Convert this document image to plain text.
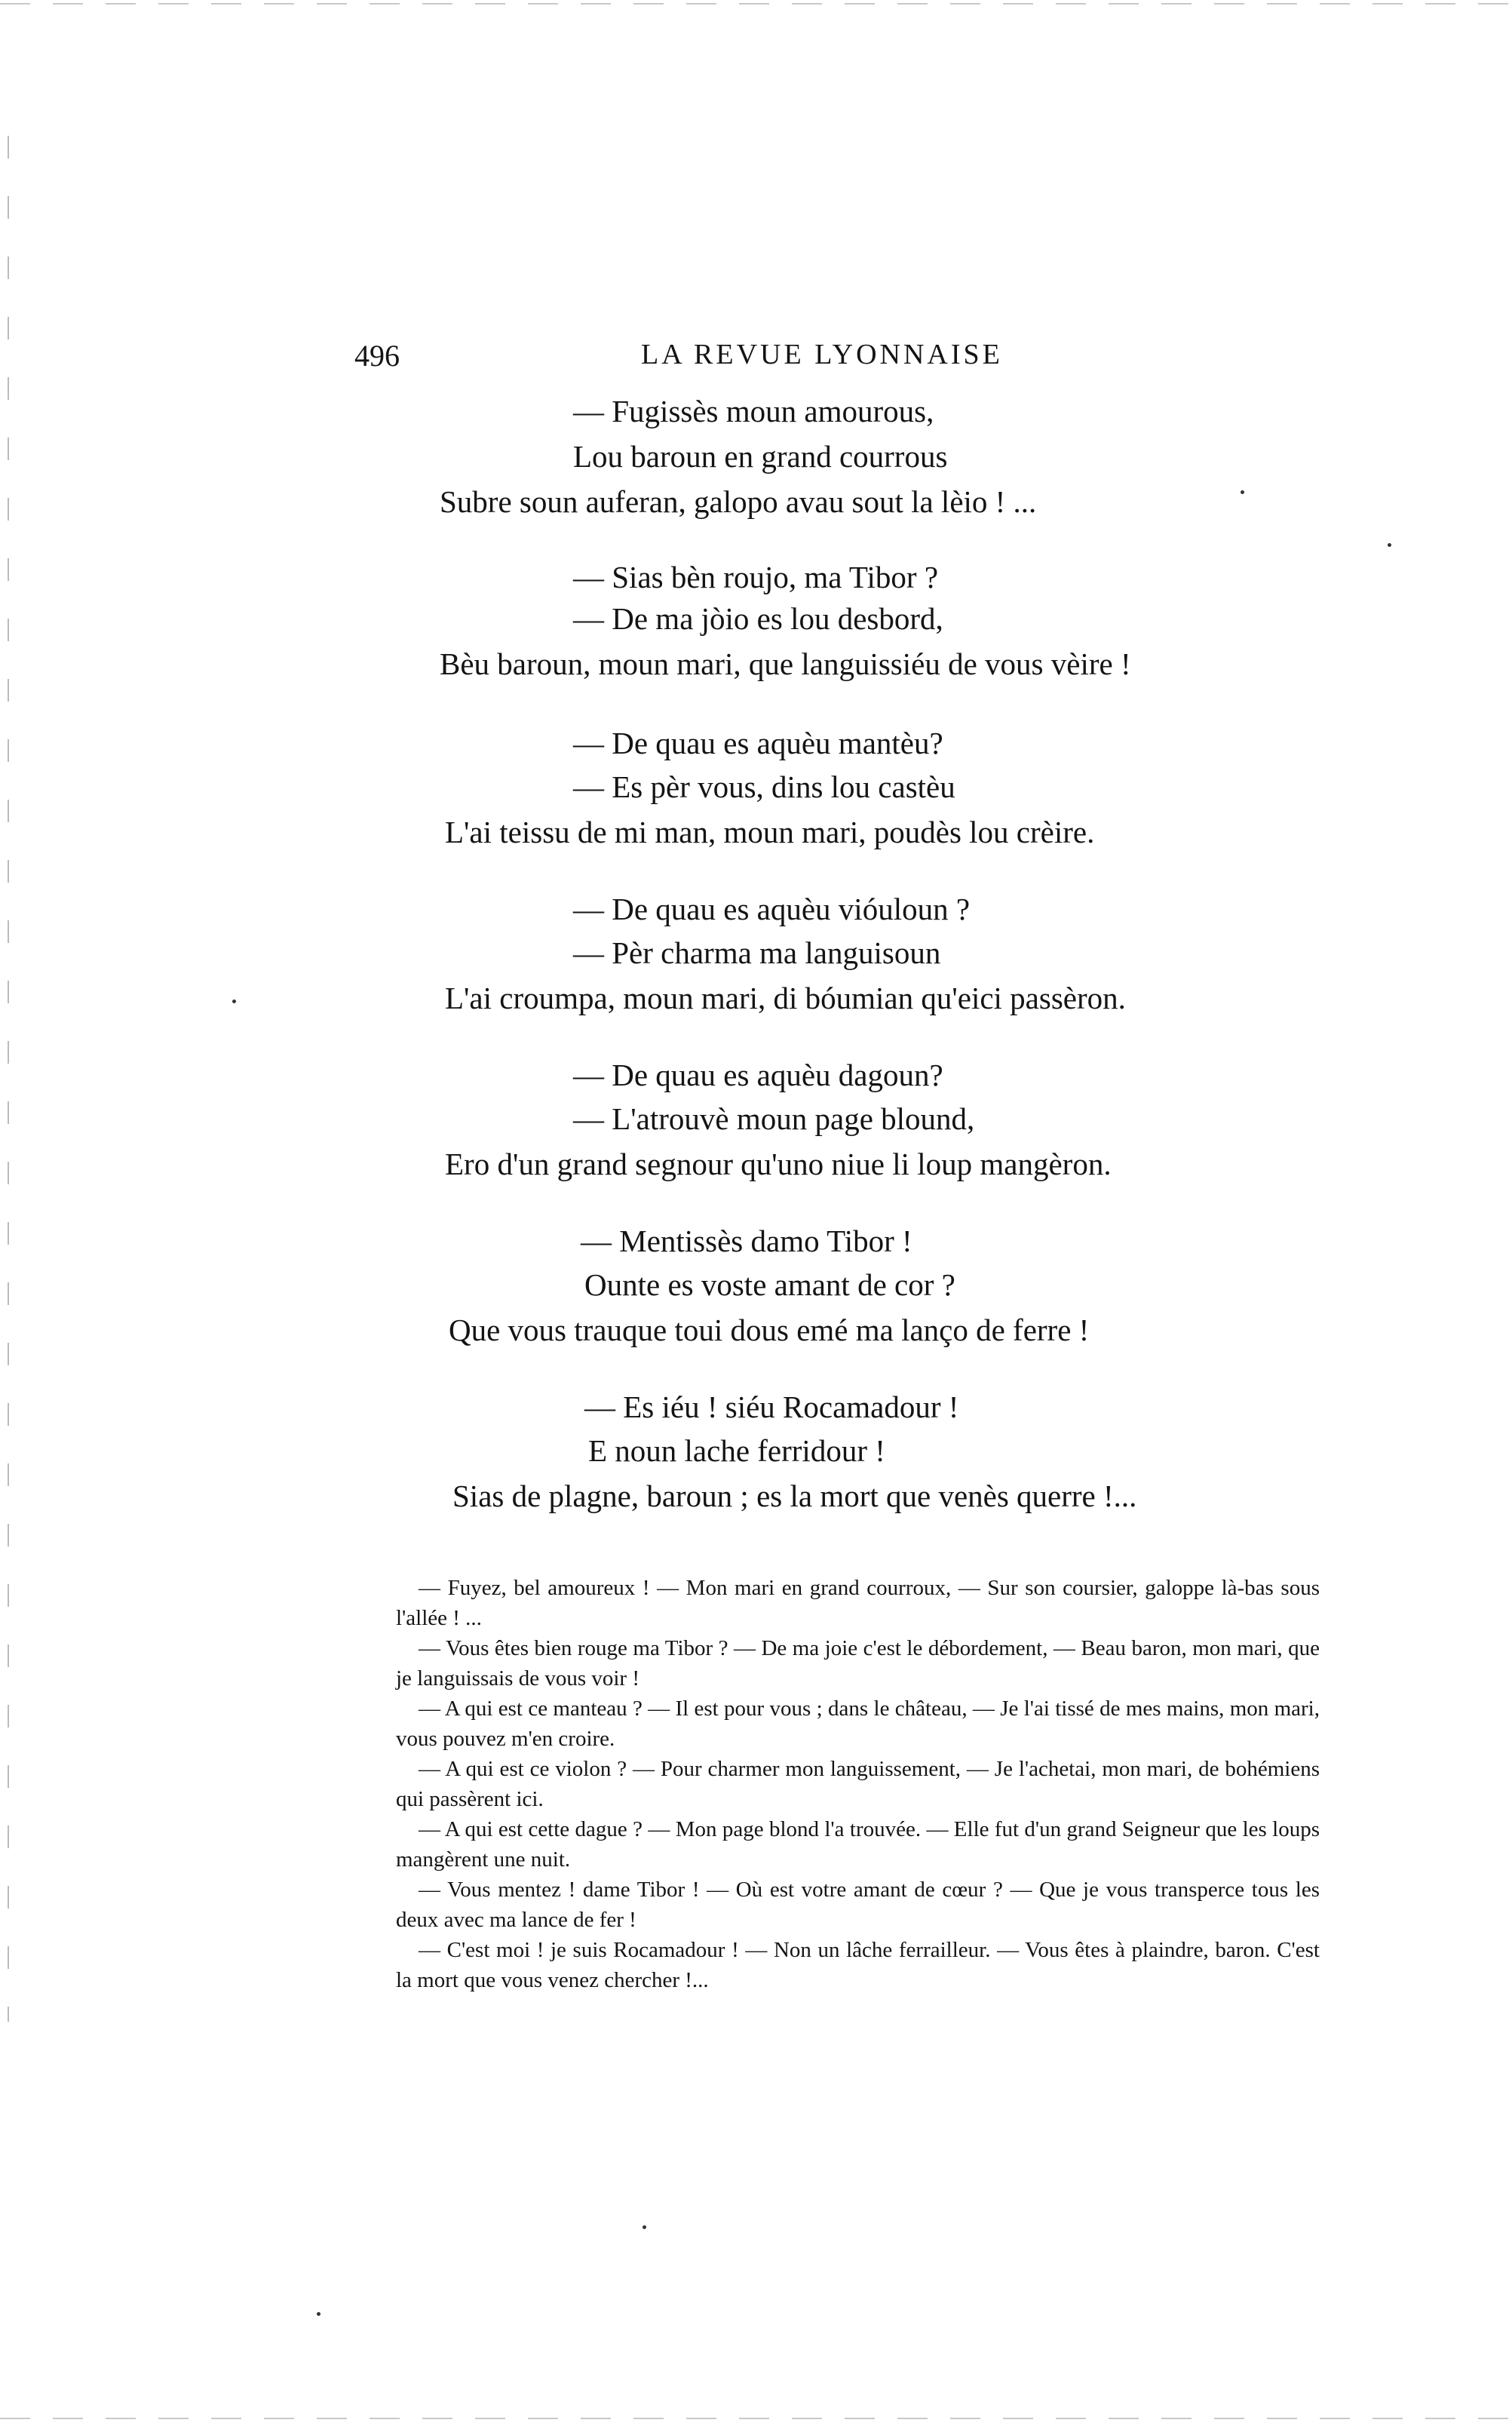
496	LA REVUE LYONNAISE
— Fugissès moun amourous,
Lou baroun en grand courrous
Subre soun auferan, galopo avau sout la lèio ! ...
— Sias bèn roujo, ma Tibor ?
— De ma jòio es lou desbord,
Bèu baroun, moun mari, que languissiéu de vous vèire !
— De quau es aquèu mantèu?
— Es pèr vous, dins lou castèu
L'ai teissu de mi man, moun mari, poudès lou crèire.
— De quau es aquèu vióuloun ?
— Pèr charma ma languisoun
L'ai croumpa, moun mari, di bóumian qu'eici passèron.
— De quau es aquèu dagoun?
— L'atrouvè moun page blound,
Ero d'un grand segnour qu'uno niue li loup mangèron.
— Mentissès damo Tibor !
Ounte es voste amant de cor ?
Que vous trauque toui dous emé ma lanço de ferre !
— Es iéu ! siéu Rocamadour !
E noun lache ferridour !
Sias de plagne, baroun ; es la mort que venès querre !...

— Fuyez, bel amoureux ! — Mon mari en grand courroux, — Sur son coursier, galoppe là-bas sous l'allée ! ...

— Vous êtes bien rouge ma Tibor ? — De ma joie c'est le débordement, — Beau baron, mon mari, que je languissais de vous voir !

— A qui est ce manteau ? — Il est pour vous ; dans le château, — Je l'ai tissé de mes mains, mon mari, vous pouvez m'en croire.

— A qui est ce violon ? — Pour charmer mon languissement, — Je l'achetai, mon mari, de bohémiens qui passèrent ici.

— A qui est cette dague ? — Mon page blond l'a trouvée. — Elle fut d'un grand Seigneur que les loups mangèrent une nuit.

— Vous mentez ! dame Tibor ! — Où est votre amant de cœur ? — Que je vous transperce tous les deux avec ma lance de fer !

— C'est moi ! je suis Rocamadour ! — Non un lâche ferrailleur. — Vous êtes à plaindre, baron. C'est la mort que vous venez chercher !...
